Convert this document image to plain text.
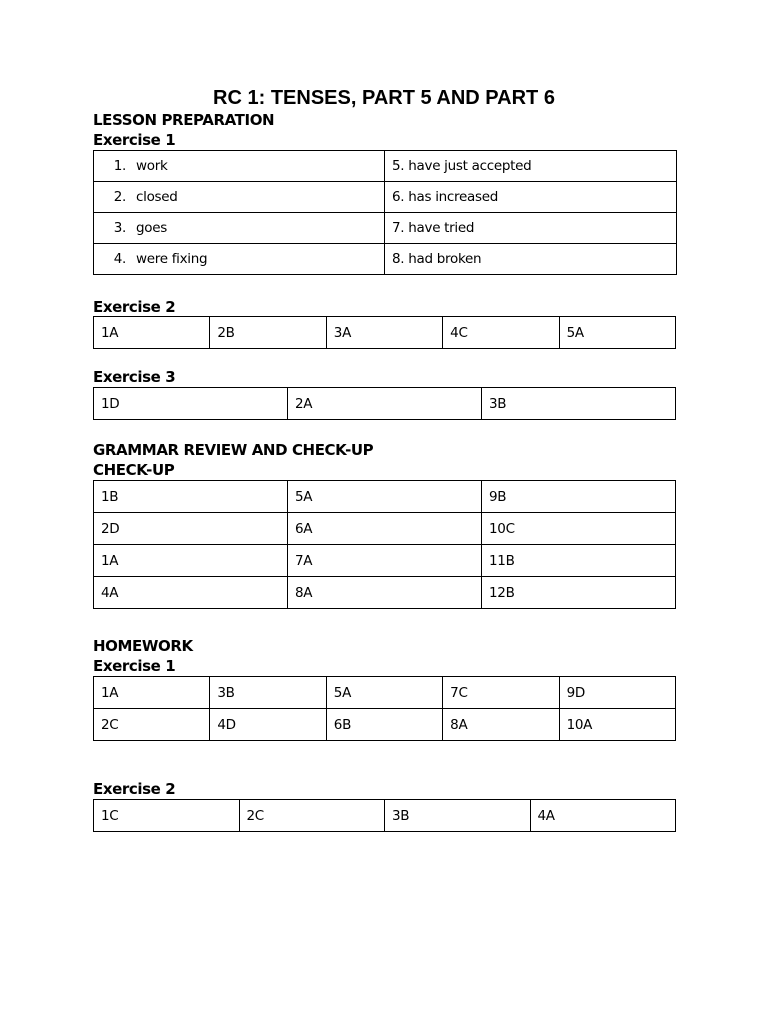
RC 1: TENSES, PART 5 AND PART 6
LESSON PREPARATION
Exercise 1
1. work	5. have just accepted
2. closed	6. has increased
3. goes	7. have tried
4. were fixing	8. had broken
Exercise 2
1A	2B	3A	4C	5A
Exercise 3
1D	2A	3B
GRAMMAR REVIEW AND CHECK-UP
CHECK-UP
1B	5A	9B
2D	6A	10C
1A	7A	11B
4A	8A	12B
HOMEWORK
Exercise 1
1A	3B	5A	7C	9D
2C	4D	6B	8A	10A
Exercise 2
1C	2C	3B	4A
